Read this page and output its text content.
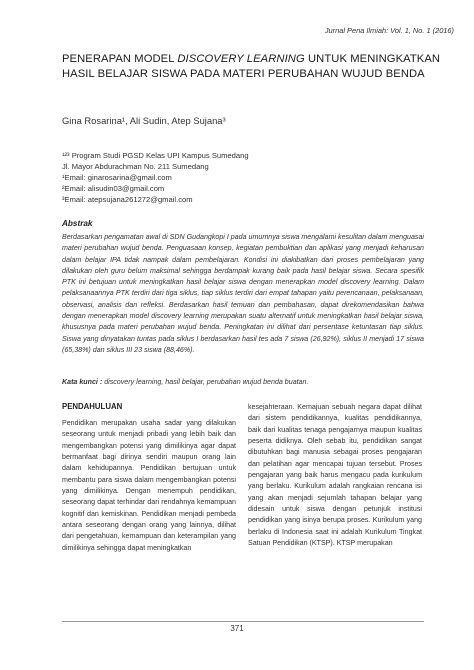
Jurnal Pena Ilmiah: Vol. 1, No. 1 (2016)
PENERAPAN MODEL DISCOVERY LEARNING UNTUK MENINGKATKAN HASIL BELAJAR SISWA PADA MATERI PERUBAHAN WUJUD BENDA
Gina Rosarina¹, Ali Sudin, Atep Sujana³
¹²³ Program Studi PGSD Kelas UPI Kampus Sumedang
Jl. Mayor Abdurachman No. 211 Sumedang
¹Email: ginarosarina@gmail.com
²Email: alisudin03@gmail.com
³Email: atepsujana261272@gmail.com
Abstrak
Berdasarkan pengamatan awal di SDN Gudangkopi I pada umumnya siswa mengalami kesulitan dalam menguasai materi perubahan wujud benda. Penguasaan konsep, kegiatan pembuktian dan aplikasi yang menjadi keharusan dalam belajar IPA tidak nampak dalam pembelajaran. Kondisi ini diakibatkan dari proses pembelajaran yang dilakukan oleh guru belum maksimal sehingga berdampak kurang baik pada hasil belajar siswa. Secara spesifik PTK ini betujuan untuk meningkatkan hasil belajar siswa dengan menerapkan model discovery learning. Dalam pelaksanaannya PTK terdiri dari tiga siklus, tiap siklus terdiri dari empat tahapan yaitu perencanaan, pelaksanaan, observasi, analisis dan refleksi. Berdasarkan hasil temuan dan pembahasan, dapat direkomendasikan bahwa dengan menerapkan model discovery learning merupakan suatu alternatif untuk meningkatkan hasil belajar siswa, khususnya pada materi perubahan wujud benda. Peningkatan ini dilihat dari persentase ketuntasan tiap siklus. Siswa yang dinyatakan tuntas pada siklus I berdasarkan hasil tes ada 7 siswa (26,92%), siklus II menjadi 17 siswa (65,38%) dan siklus III 23 siswa (88,46%).
Kata kunci : discovery learning, hasil belajar, perubahan wujud benda buatan.
PENDAHULUAN

Pendidikan merupakan usaha sadar yang dilakukan seseorang untuk menjadi pribadi yang lebih baik dan mengembangkan potensi yang dimilikinya agar dapat bermanfaat bagi dirinya sendiri maupun orang lain dalam kehidupannya. Pendidikan bertujuan untuk membantu para siswa dalam mengembangkan potensi yang dimilikinya. Dengan menempuh pendidikan, seseorang dapat terhindar dari rendahnya kemampuan kognitif dan kemiskinan. Pendidikan menjadi pembeda antara seseorang dengan orang yang lainnya, dilihat dari pengetahuan, kemampuan dan keterampilan yang dimilikinya sehingga dapat meningkatkan

kesejahteraan. Kemajuan sebuah negara dapat dilihat dari sistem pendidikannya, kualitas pendidikannya, baik dari kualitas tenaga pengajarnya maupun kualitas peserta didiknya. Oleh sebab itu, pendidikan sangat dibutuhkan bagi manusia sebagai proses pengajaran dan pelatihan agar mencapai tujuan tersebut. Proses pengajaran yang baik harus mengacu pada kurikulum yang berlaku. Kurikulum adalah rangkaian rencana isi yang akan menjadi sejumlah tahapan belajar yang didesain untuk siswa dengan petunjuk institusi pendidikan yang isinya berupa proses. Kurikulum yang berlaku di Indonesia saat ini adalah Kurikulum Tingkat Satuan Pendidikan (KTSP). KTSP merupakan

371
